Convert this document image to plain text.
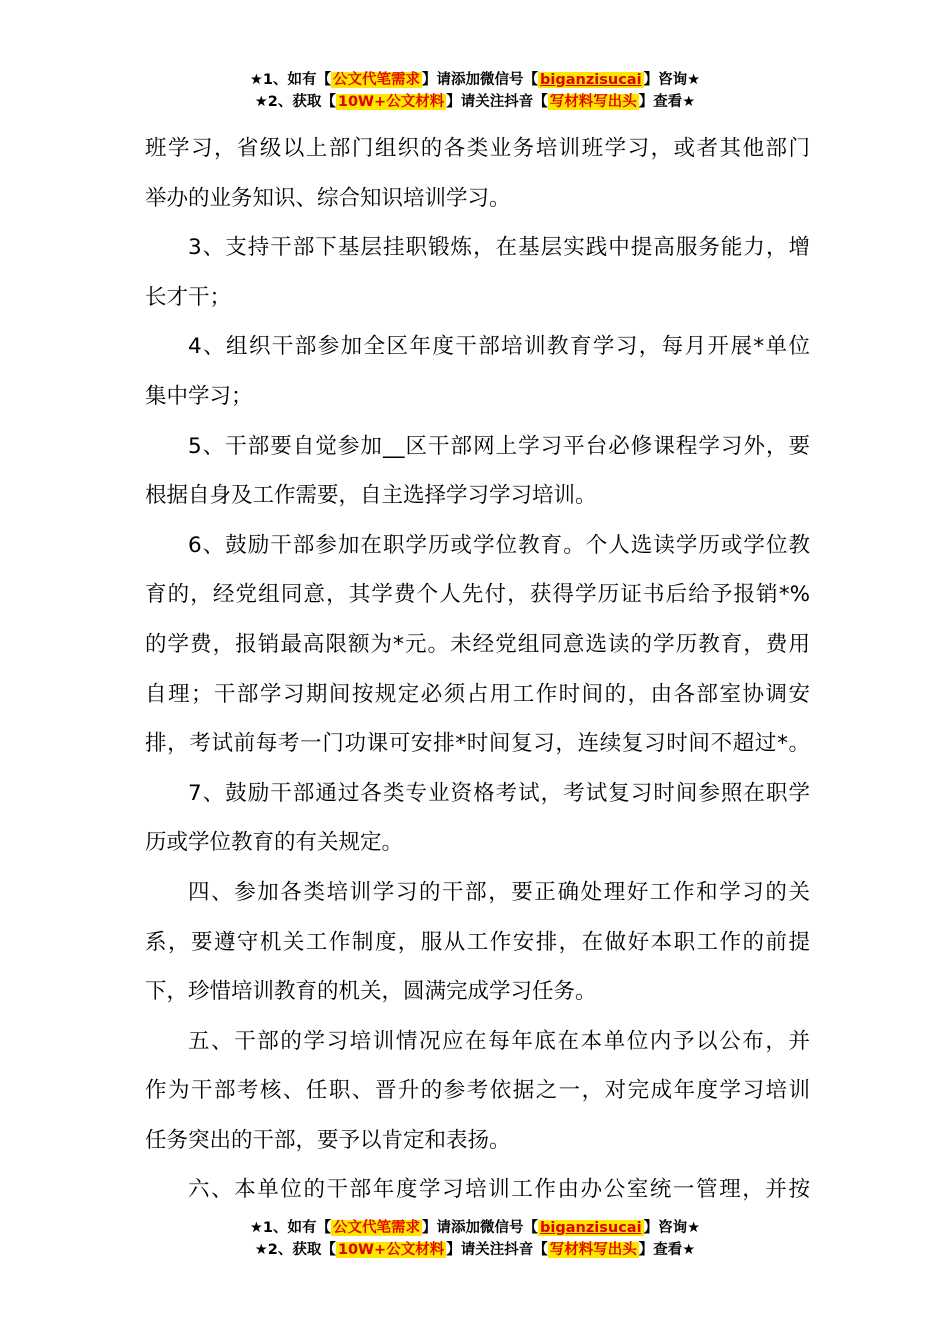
★1、如有【 公文代笔需求 】请添加微信号【 biganzisucai 】咨询★
★2、获取【 10W+公文材料 】请关注抖音【 写材料写出头 】查看★
班学习，省级以上部门组织的各类业务培训班学习，或者其他部门
举办的业务知识、综合知识培训学习。
3、支持干部下基层挂职锻炼，在基层实践中提高服务能力，增
长才干；
4、组织干部参加全区年度干部培训教育学习，每月开展*单位
集中学习；
5、干部要自觉参加__区干部网上学习平台必修课程学习外，要
根据自身及工作需要，自主选择学习学习培训。
6、鼓励干部参加在职学历或学位教育。个人选读学历或学位教
育的，经党组同意，其学费个人先付，获得学历证书后给予报销*%
的学费，报销最高限额为*元。未经党组同意选读的学历教育，费用
自理；干部学习期间按规定必须占用工作时间的，由各部室协调安
排，考试前每考一门功课可安排*时间复习，连续复习时间不超过*。
7、鼓励干部通过各类专业资格考试，考试复习时间参照在职学
历或学位教育的有关规定。
四、参加各类培训学习的干部，要正确处理好工作和学习的关
系，要遵守机关工作制度，服从工作安排，在做好本职工作的前提
下，珍惜培训教育的机关，圆满完成学习任务。
五、干部的学习培训情况应在每年底在本单位内予以公布，并
作为干部考核、任职、晋升的参考依据之一，对完成年度学习培训
任务突出的干部，要予以肯定和表扬。
六、本单位的干部年度学习培训工作由办公室统一管理，并按
★1、如有【 公文代笔需求 】请添加微信号【 biganzisucai 】咨询★
★2、获取【 10W+公文材料 】请关注抖音【 写材料写出头 】查看★
